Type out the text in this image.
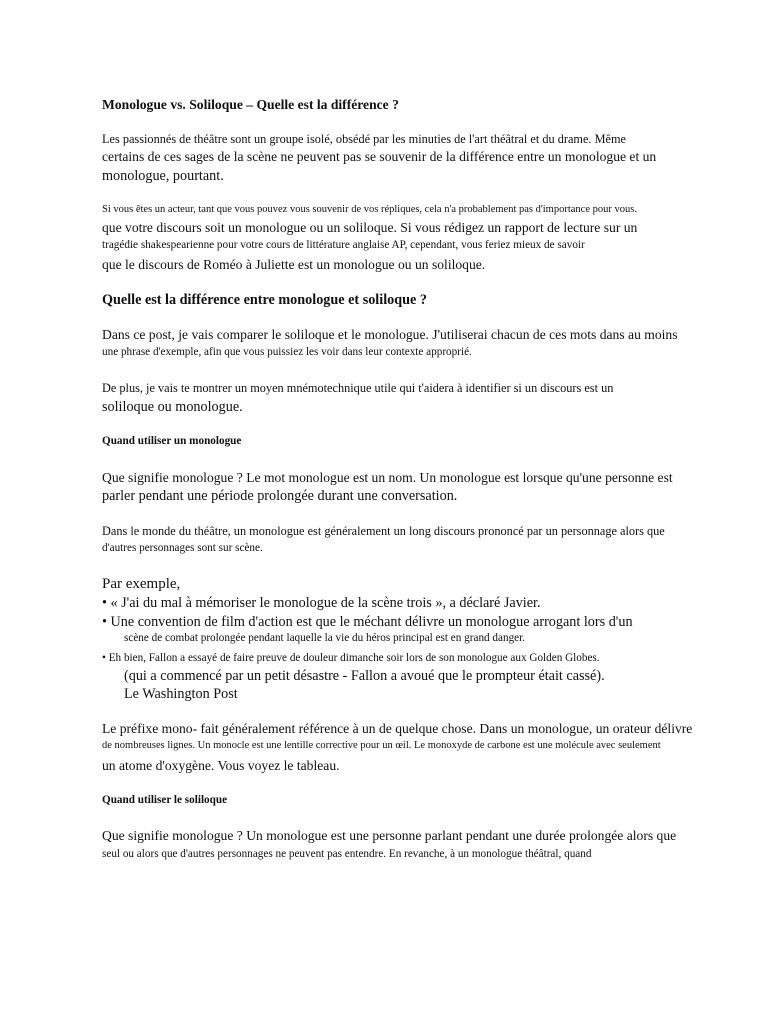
Monologue vs. Soliloque – Quelle est la différence ?
Les passionnés de théâtre sont un groupe isolé, obsédé par les minuties de l'art théâtral et du drame. Même
certains de ces sages de la scène ne peuvent pas se souvenir de la différence entre un monologue et un
monologue, pourtant.
Si vous êtes un acteur, tant que vous pouvez vous souvenir de vos répliques, cela n'a probablement pas d'importance pour vous.
que votre discours soit un monologue ou un soliloque. Si vous rédigez un rapport de lecture sur un
tragédie shakespearienne pour votre cours de littérature anglaise AP, cependant, vous feriez mieux de savoir
que le discours de Roméo à Juliette est un monologue ou un soliloque.
Quelle est la différence entre monologue et soliloque ?
Dans ce post, je vais comparer le soliloque et le monologue. J'utiliserai chacun de ces mots dans au moins
une phrase d'exemple, afin que vous puissiez les voir dans leur contexte approprié.
De plus, je vais te montrer un moyen mnémotechnique utile qui t'aidera à identifier si un discours est un
soliloque ou monologue.
Quand utiliser un monologue
Que signifie monologue ? Le mot monologue est un nom. Un monologue est lorsque qu'une personne est
parler pendant une période prolongée durant une conversation.
Dans le monde du théâtre, un monologue est généralement un long discours prononcé par un personnage alors que
d'autres personnages sont sur scène.
Par exemple,
• « J'ai du mal à mémoriser le monologue de la scène trois », a déclaré Javier.
• Une convention de film d'action est que le méchant délivre un monologue arrogant lors d'un
scène de combat prolongée pendant laquelle la vie du héros principal est en grand danger.
• Eh bien, Fallon a essayé de faire preuve de douleur dimanche soir lors de son monologue aux Golden Globes.
(qui a commencé par un petit désastre - Fallon a avoué que le prompteur était cassé).
Le Washington Post
Le préfixe mono- fait généralement référence à un de quelque chose. Dans un monologue, un orateur délivre
de nombreuses lignes. Un monocle est une lentille corrective pour un œil. Le monoxyde de carbone est une molécule avec seulement
un atome d'oxygène. Vous voyez le tableau.
Quand utiliser le soliloque
Que signifie monologue ? Un monologue est une personne parlant pendant une durée prolongée alors que
seul ou alors que d'autres personnages ne peuvent pas entendre. En revanche, à un monologue théâtral, quand
